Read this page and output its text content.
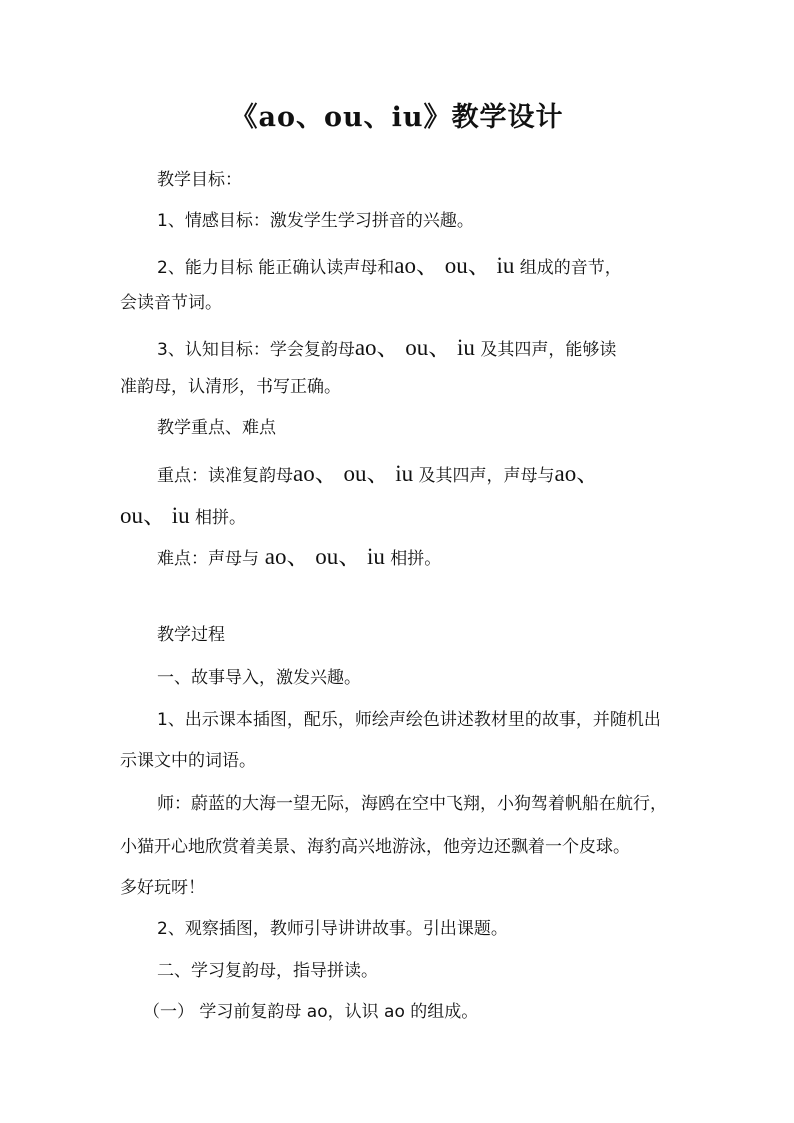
《ao、ou、iu》教学设计
教学目标：
1、情感目标：激发学生学习拼音的兴趣。
2、能力目标 能正确认读声母和ao、 ou、 iu 组成的音节，
会读音节词。
3、认知目标：学会复韵母ao、 ou、 iu 及其四声，能够读
准韵母，认清形，书写正确。
教学重点、难点
重点：读准复韵母ao、 ou、 iu 及其四声，声母与ao、
ou、 iu 相拼。
难点：声母与 ao、 ou、 iu 相拼。
教学过程
一、故事导入，激发兴趣。
1、出示课本插图，配乐，师绘声绘色讲述教材里的故事，并随机出
示课文中的词语。
师：蔚蓝的大海一望无际，海鸥在空中飞翔，小狗驾着帆船在航行，
小猫开心地欣赏着美景、海豹高兴地游泳，他旁边还飘着一个皮球。
多好玩呀！
2、观察插图，教师引导讲讲故事。引出课题。
二、学习复韵母，指导拼读。
（一） 学习前复韵母 ao，认识 ao 的组成。
